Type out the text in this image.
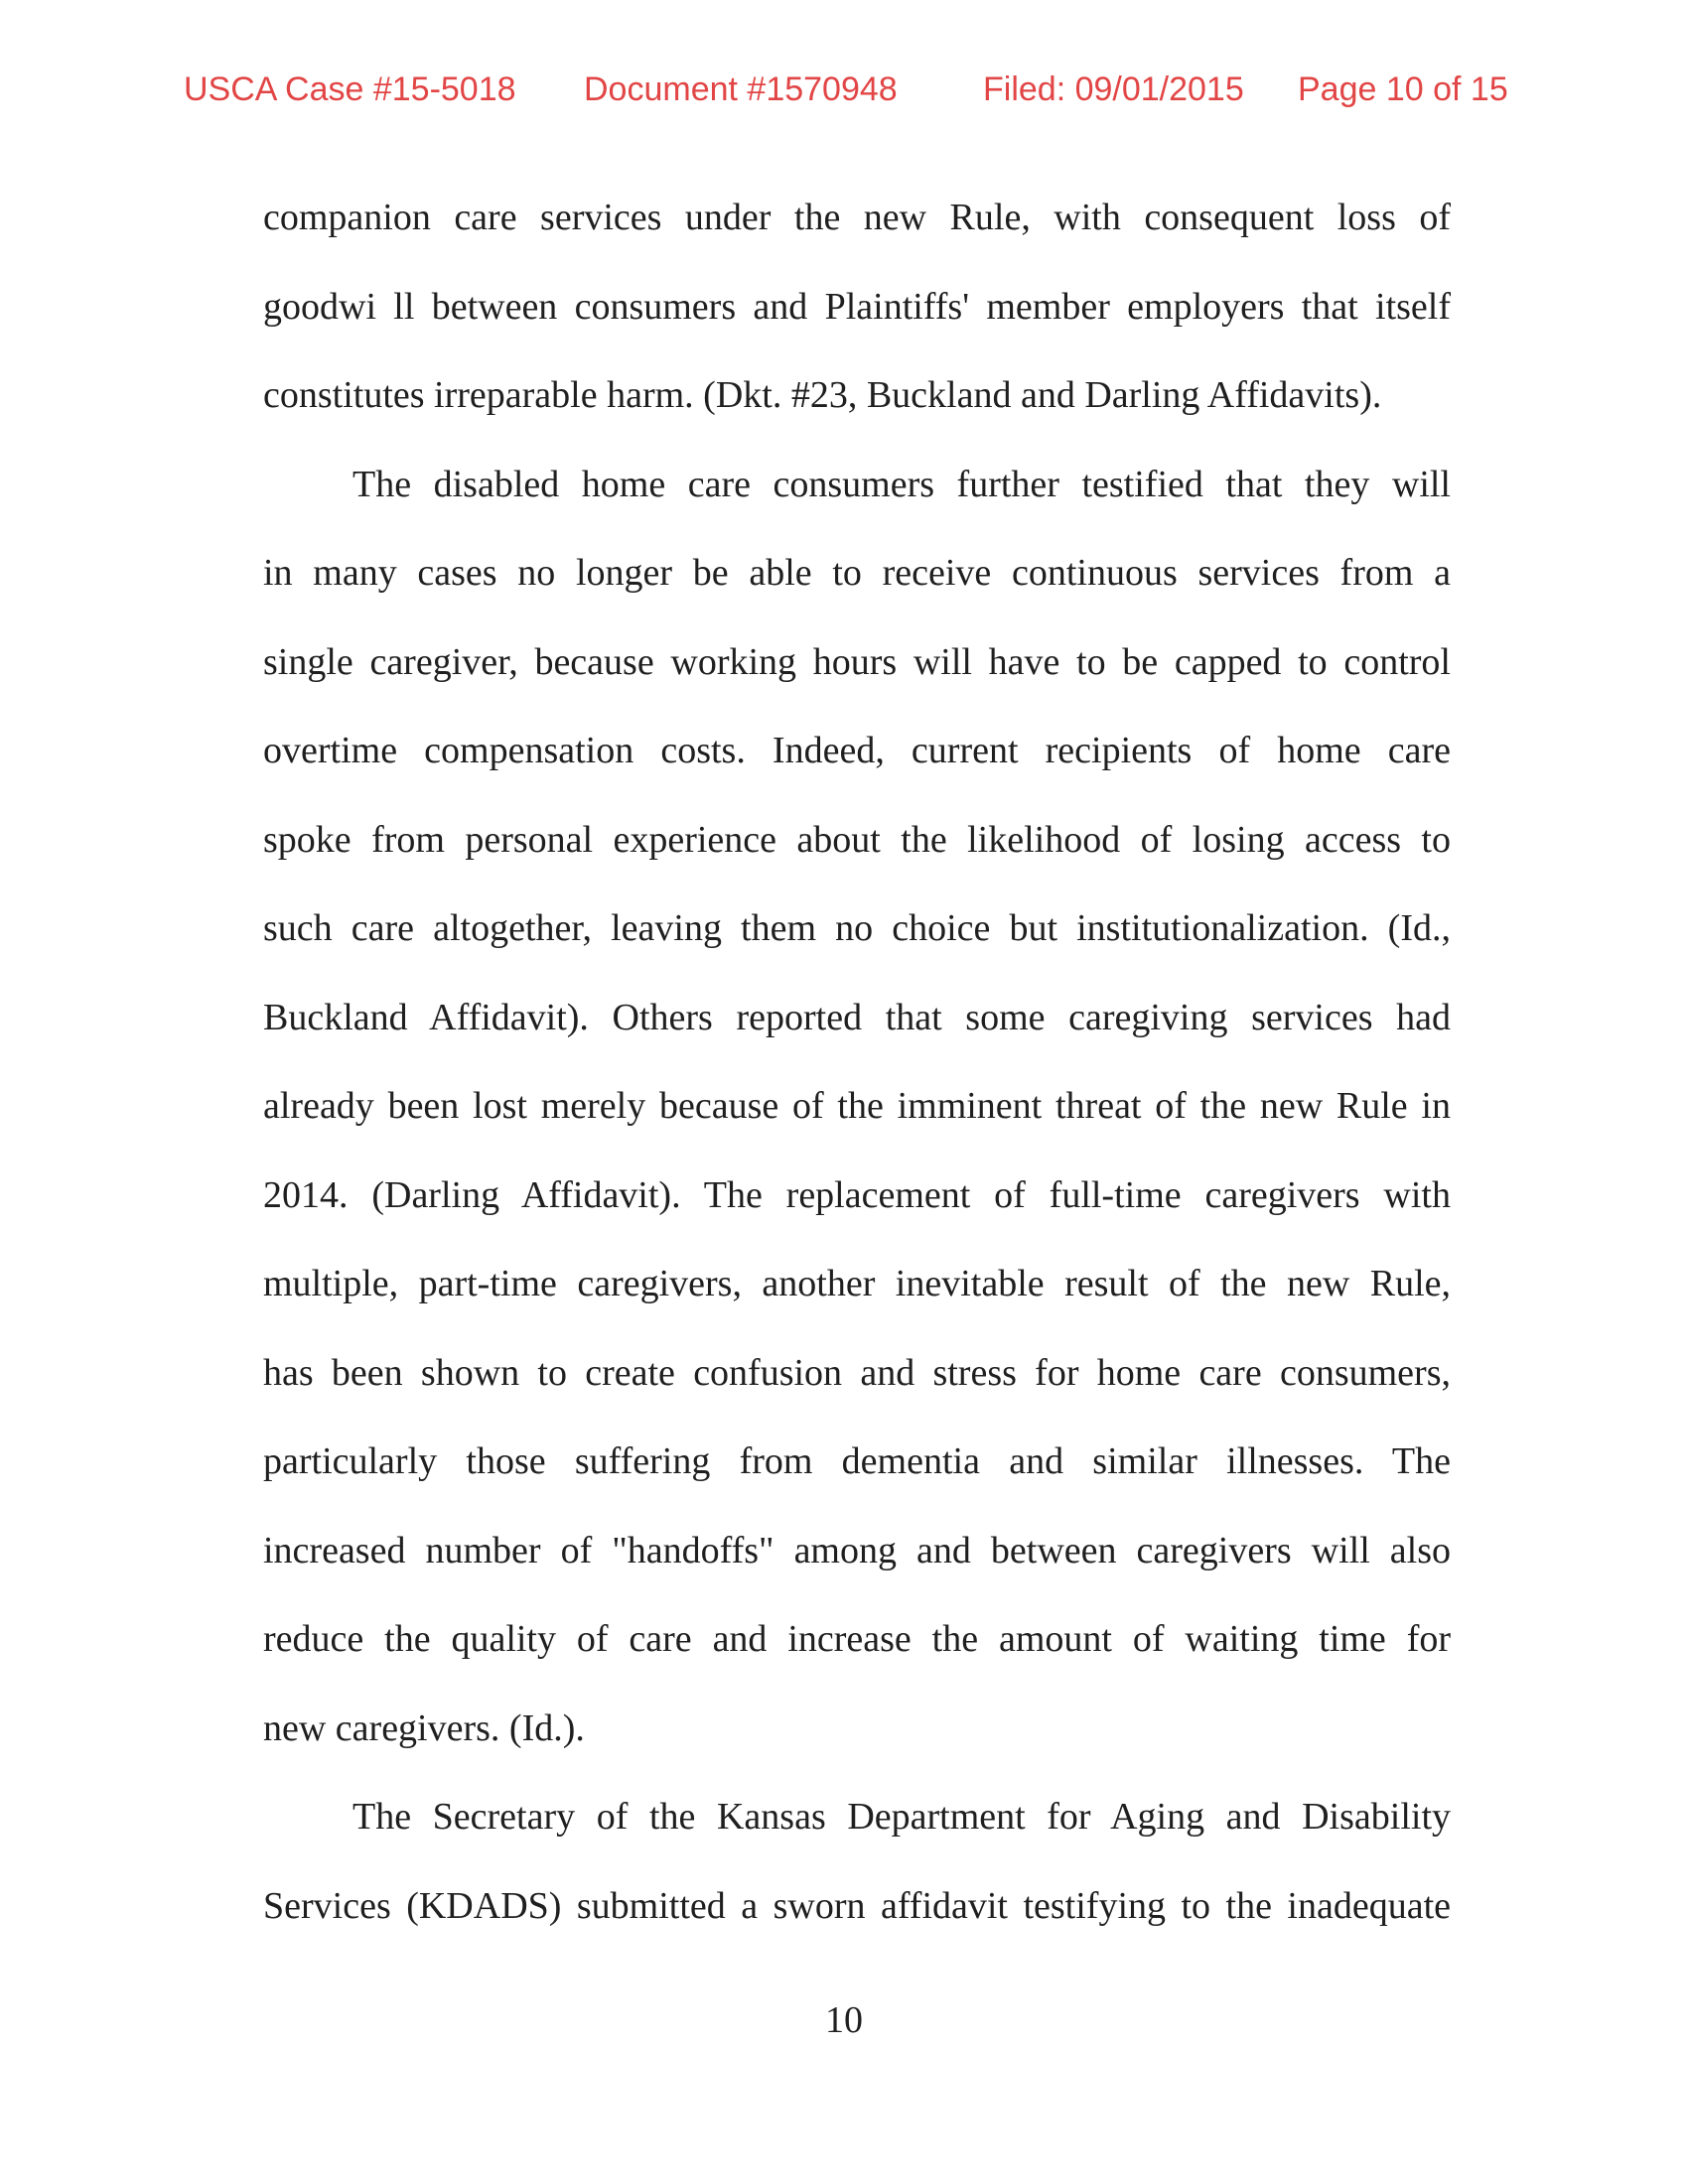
USCA Case #15-5018 Document #1570948	Filed: 09/01/2015 Page 10 of 15
companion care services under the new Rule, with consequent loss of
goodwi ll between consumers and Plaintiffs' member employers that itself
constitutes irreparable harm. (Dkt. #23, Buckland and Darling Affidavits).
The disabled home care consumers further testified that they will
in many cases no longer be able to receive continuous services from a
single caregiver, because working hours will have to be capped to control
overtime compensation costs. Indeed, current recipients of home care
spoke from personal experience about the likelihood of losing access to
such care altogether, leaving them no choice but institutionalization. (Id.,
Buckland Affidavit). Others reported that some caregiving services had
already been lost merely because of the imminent threat of the new Rule in
2014. (Darling Affidavit). The replacement of full-time caregivers with
multiple, part-time caregivers, another inevitable result of the new Rule,
has been shown to create confusion and stress for home care consumers,
particularly those suffering from dementia and similar illnesses. The
increased number of "handoffs" among and between caregivers will also
reduce the quality of care and increase the amount of waiting time for
new caregivers. (Id.).
The Secretary of the Kansas Department for Aging and Disability
Services (KDADS) submitted a sworn affidavit testifying to the inadequate
10
